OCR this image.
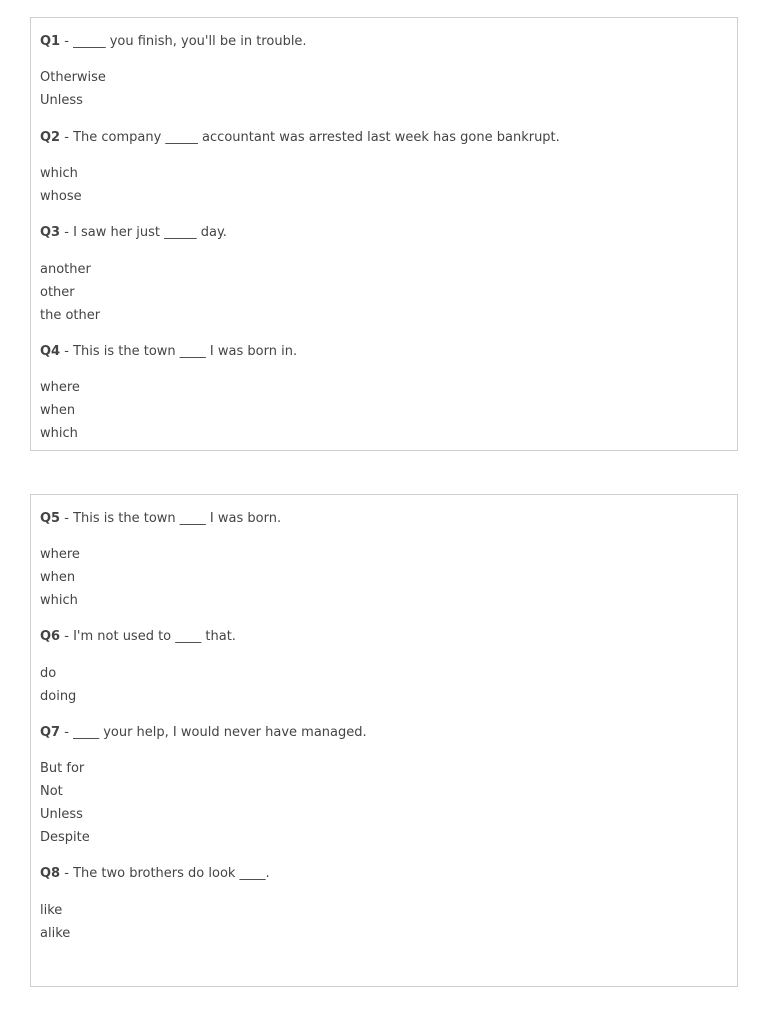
Q1 - _____ you finish, you'll be in trouble.
Otherwise
Unless
Q2 - The company _____ accountant was arrested last week has gone bankrupt.
which
whose
Q3 - I saw her just _____ day.
another
other
the other
Q4 - This is the town ____ I was born in.
where
when
which
Q5 - This is the town ____ I was born.
where
when
which
Q6 - I'm not used to ____ that.
do
doing
Q7 - ____ your help, I would never have managed.
But for
Not
Unless
Despite
Q8 - The two brothers do look ____.
like
alike
